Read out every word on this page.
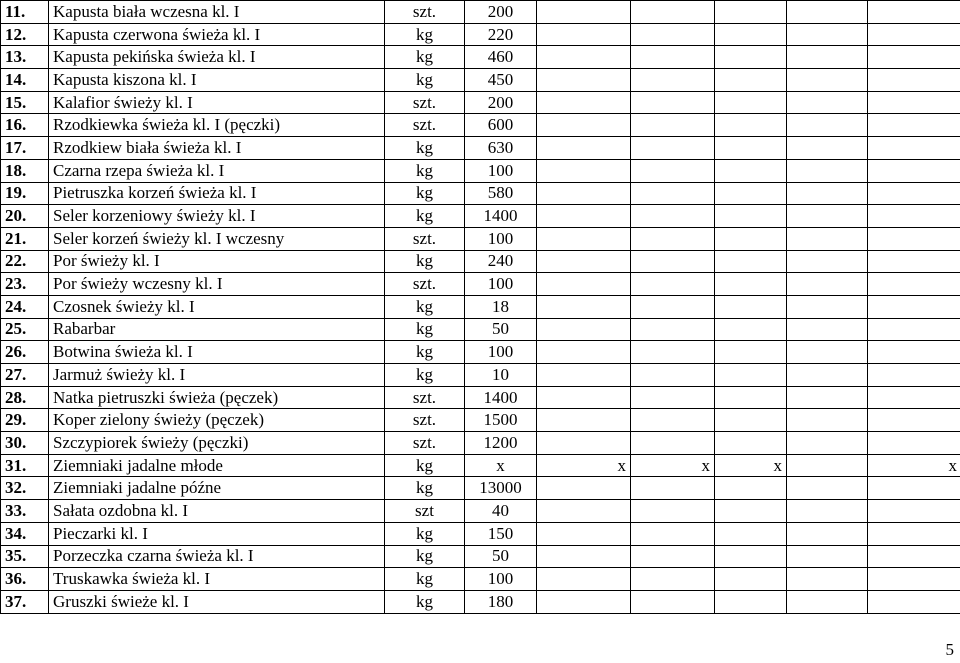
11.	Kapusta biała wczesna kl. I	szt.	200					
12.	Kapusta czerwona świeża kl. I	kg	220					
13.	Kapusta pekińska świeża kl. I	kg	460					
14.	Kapusta kiszona kl. I	kg	450					
15.	Kalafior świeży kl. I	szt.	200					
16.	Rzodkiewka świeża kl. I (pęczki)	szt.	600					
17.	Rzodkiew biała świeża kl. I	kg	630					
18.	Czarna rzepa świeża kl. I	kg	100					
19.	Pietruszka korzeń świeża kl. I	kg	580					
20.	Seler korzeniowy świeży kl. I	kg	1400					
21.	Seler korzeń świeży kl. I wczesny	szt.	100					
22.	Por świeży kl. I	kg	240					
23.	Por świeży wczesny kl. I	szt.	100					
24.	Czosnek świeży kl. I	kg	18					
25.	Rabarbar	kg	50					
26.	Botwina świeża kl. I	kg	100					
27.	Jarmuż świeży kl. I	kg	10					
28.	Natka pietruszki świeża (pęczek)	szt.	1400					
29.	Koper zielony świeży (pęczek)	szt.	1500					
30.	Szczypiorek świeży (pęczki)	szt.	1200					
31.	Ziemniaki jadalne młode	kg	x	x	x	x		x
32.	Ziemniaki jadalne późne	kg	13000					
33.	Sałata ozdobna kl. I	szt	40					
34.	Pieczarki kl. I	kg	150					
35.	Porzeczka czarna świeża kl. I	kg	50					
36.	Truskawka świeża kl. I	kg	100					
37.	Gruszki świeże kl. I	kg	180					
5
